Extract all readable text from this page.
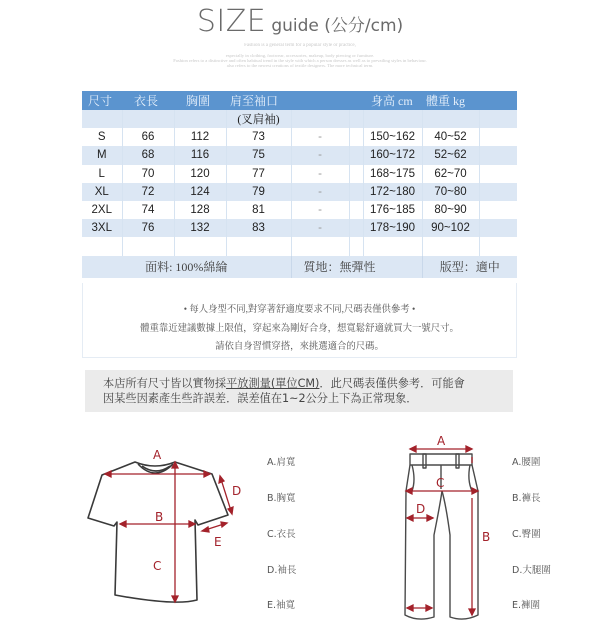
SIZE guide (公分/cm)
Fashion is a general term for a popular style or practice,
especially in clothing, footwear, accessories, makeup, body piercing or furniture.
Fashion refers to a distinctive and often habitual trend in the style with which a person dresses as well as to prevailing styles in behaviour.
also refers to the newest creations of textile designers. The more technical term.
尺寸	衣長	胸圍	肩至袖口			身高 cm	體重 kg	
			(叉肩袖)					
S	66	112	73	-		150~162	40~52	
M	68	116	75	-		160~172	52~62	
L	70	120	77	-		168~175	62~70	
XL	72	124	79	-		172~180	70~80	
2XL	74	128	81	-		176~185	80~90	
3XL	76	132	83	-		178~190	90~102	

面料: 100%綿綸				質地：無彈性			版型：適中	
• 每人身型不同,對穿著舒適度要求不同,尺碼表僅供參考 •
體重靠近建議數據上限值，穿起來為剛好合身，想寬鬆舒適就買大一號尺寸。
請依自身習慣穿搭，來挑選適合的尺碼。
本店所有尺寸皆以實物採平放測量(單位CM)．此尺碼表僅供參考．可能會
因某些因素產生些許誤差．誤差值在1~2公分上下為正常現象．
A
B
C
D
E
A.肩寬
B.胸寬
C.衣長
D.袖長
E.袖寬
A
B
C
D
A.腰圍
B.褲長
C.臀圍
D.大腿圍
E.褲圍
